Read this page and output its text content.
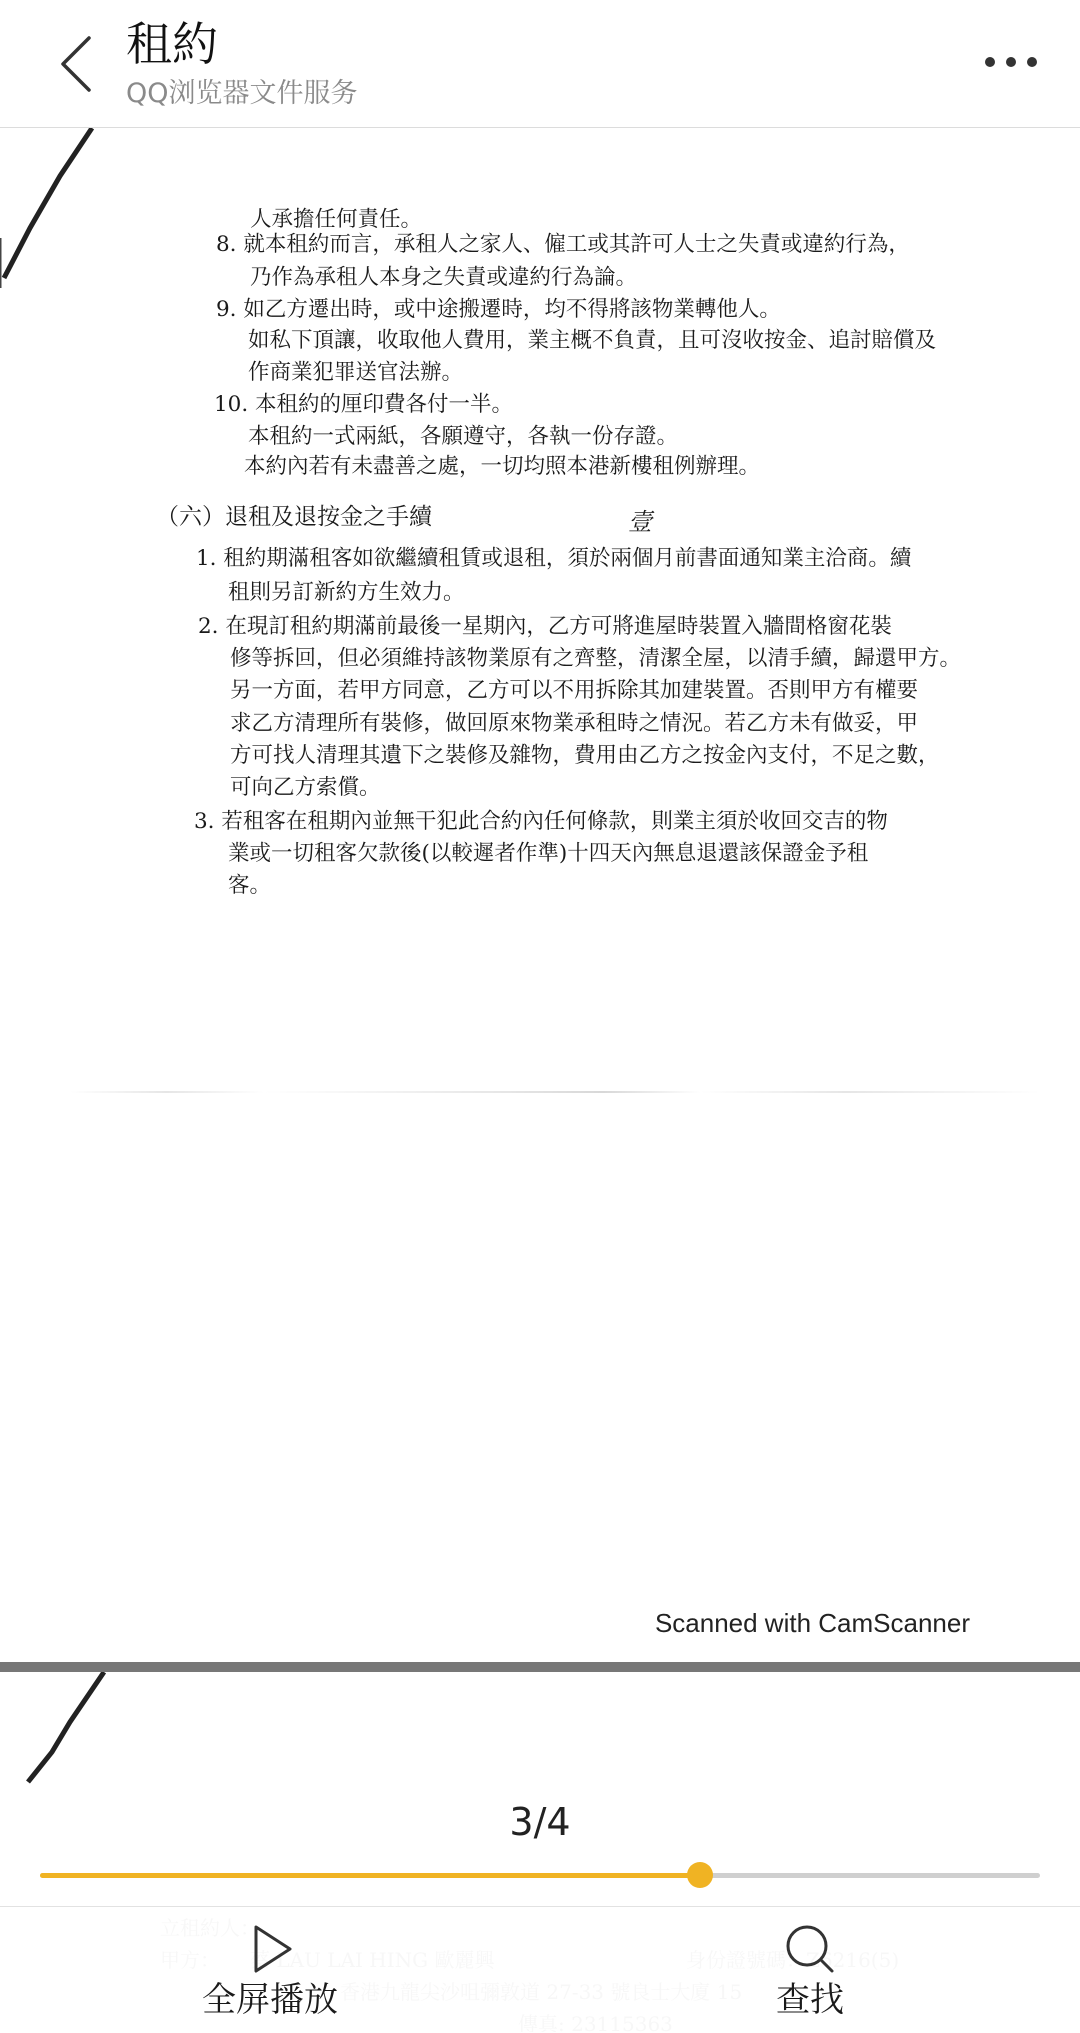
租約
QQ浏览器文件服务
人承擔任何責任。
8. 就本租約而言，承租人之家人、僱工或其許可人士之失責或違約行為，
乃作為承租人本身之失責或違約行為論。
9. 如乙方遷出時，或中途搬遷時，均不得將該物業轉他人。
如私下頂讓，收取他人費用，業主概不負責，且可沒收按金、追討賠償及
作商業犯罪送官法辦。
10. 本租約的厘印費各付一半。
本租約一式兩紙，各願遵守，各執一份存證。
本約內若有未盡善之處，一切均照本港新樓租例辦理。
（六）退租及退按金之手續	壹
1. 租約期滿租客如欲繼續租賃或退租，須於兩個月前書面通知業主洽商。續
租則另訂新約方生效力。
2. 在現訂租約期滿前最後一星期內，乙方可將進屋時裝置入牆間格窗花裝
修等拆回，但必須維持該物業原有之齊整，清潔全屋，以清手續，歸還甲方。
另一方面，若甲方同意，乙方可以不用拆除其加建裝置。否則甲方有權要
求乙方清理所有裝修，做回原來物業承租時之情況。若乙方未有做妥，甲
方可找人清理其遺下之裝修及雜物，費用由乙方之按金內支付，不足之數，
可向乙方索償。
3. 若租客在租期內並無干犯此合約內任何條款，則業主須於收回交吉的物
業或一切租客欠款後(以較遲者作準)十四天內無息退還該保證金予租
客。
Scanned with CamScanner
3/4
全屏播放	查找
